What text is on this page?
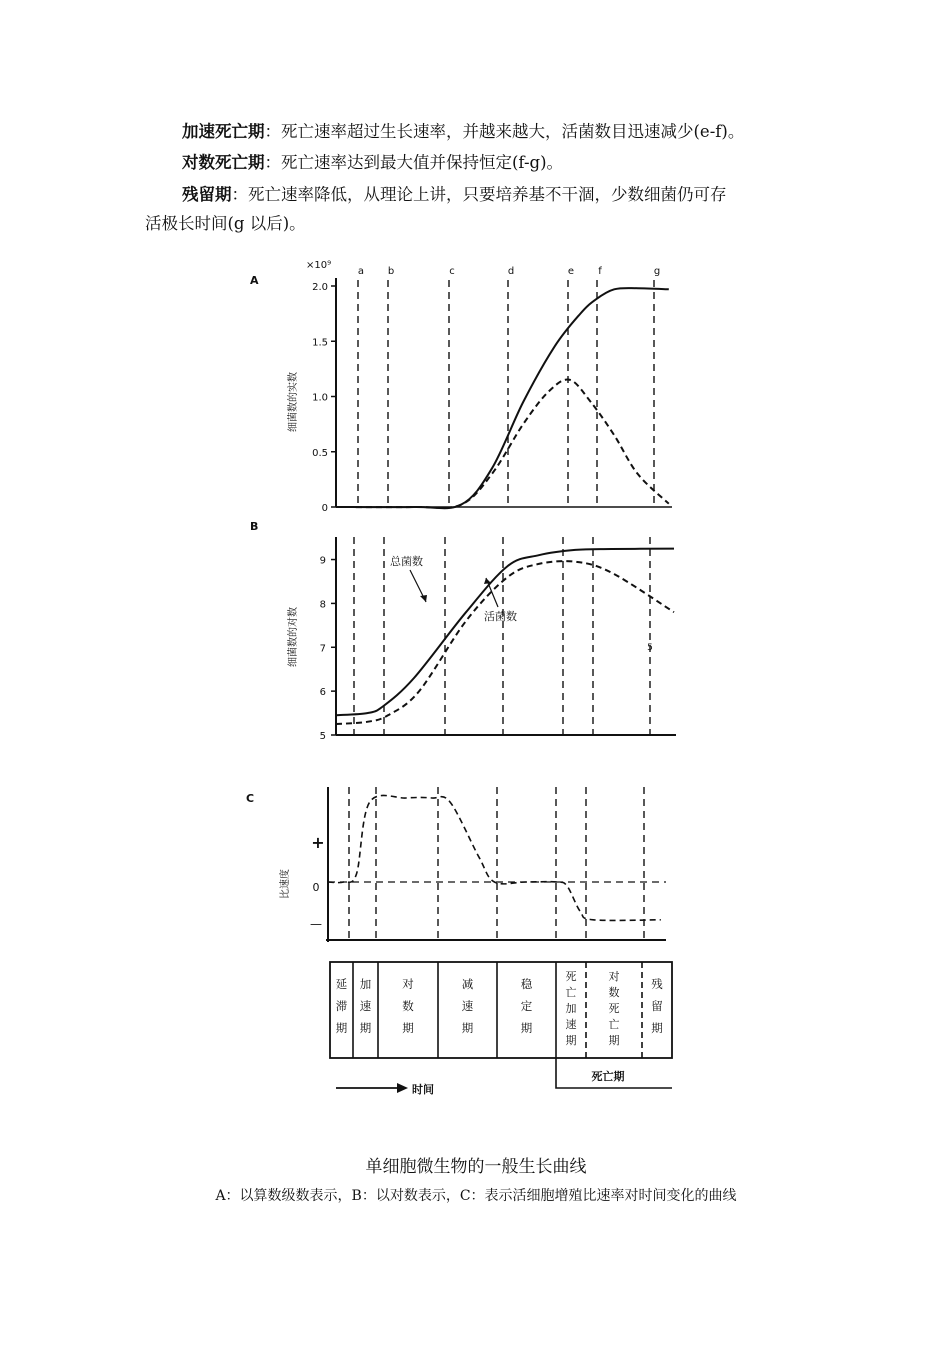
加速死亡期：死亡速率超过生长速率，并越来越大，活菌数目迅速减少(e-f)。
对数死亡期：死亡速率达到最大值并保持恒定(f-g)。
残留期：死亡速率降低，从理论上讲，只要培养基不干涸，少数细菌仍可存
活极长时间(g 以后)。
A
×10⁹
2.0
1.5
1.0
0.5
0
细菌数的实数
a b	c	d	e f	g
B
9
8
7
6
5
细菌数的对数	5
总菌数
活菌数
C
+
0
—
比速度
延
滞
期
加
速
期
对
数
期
减
速
期
稳
定
期
死
亡
加
速
期
对
数
死
亡
期
残
留
期
死亡期
时间
单细胞微生物的一般生长曲线
A：以算数级数表示，B：以对数表示，C：表示活细胞增殖比速率对时间变化的曲线
